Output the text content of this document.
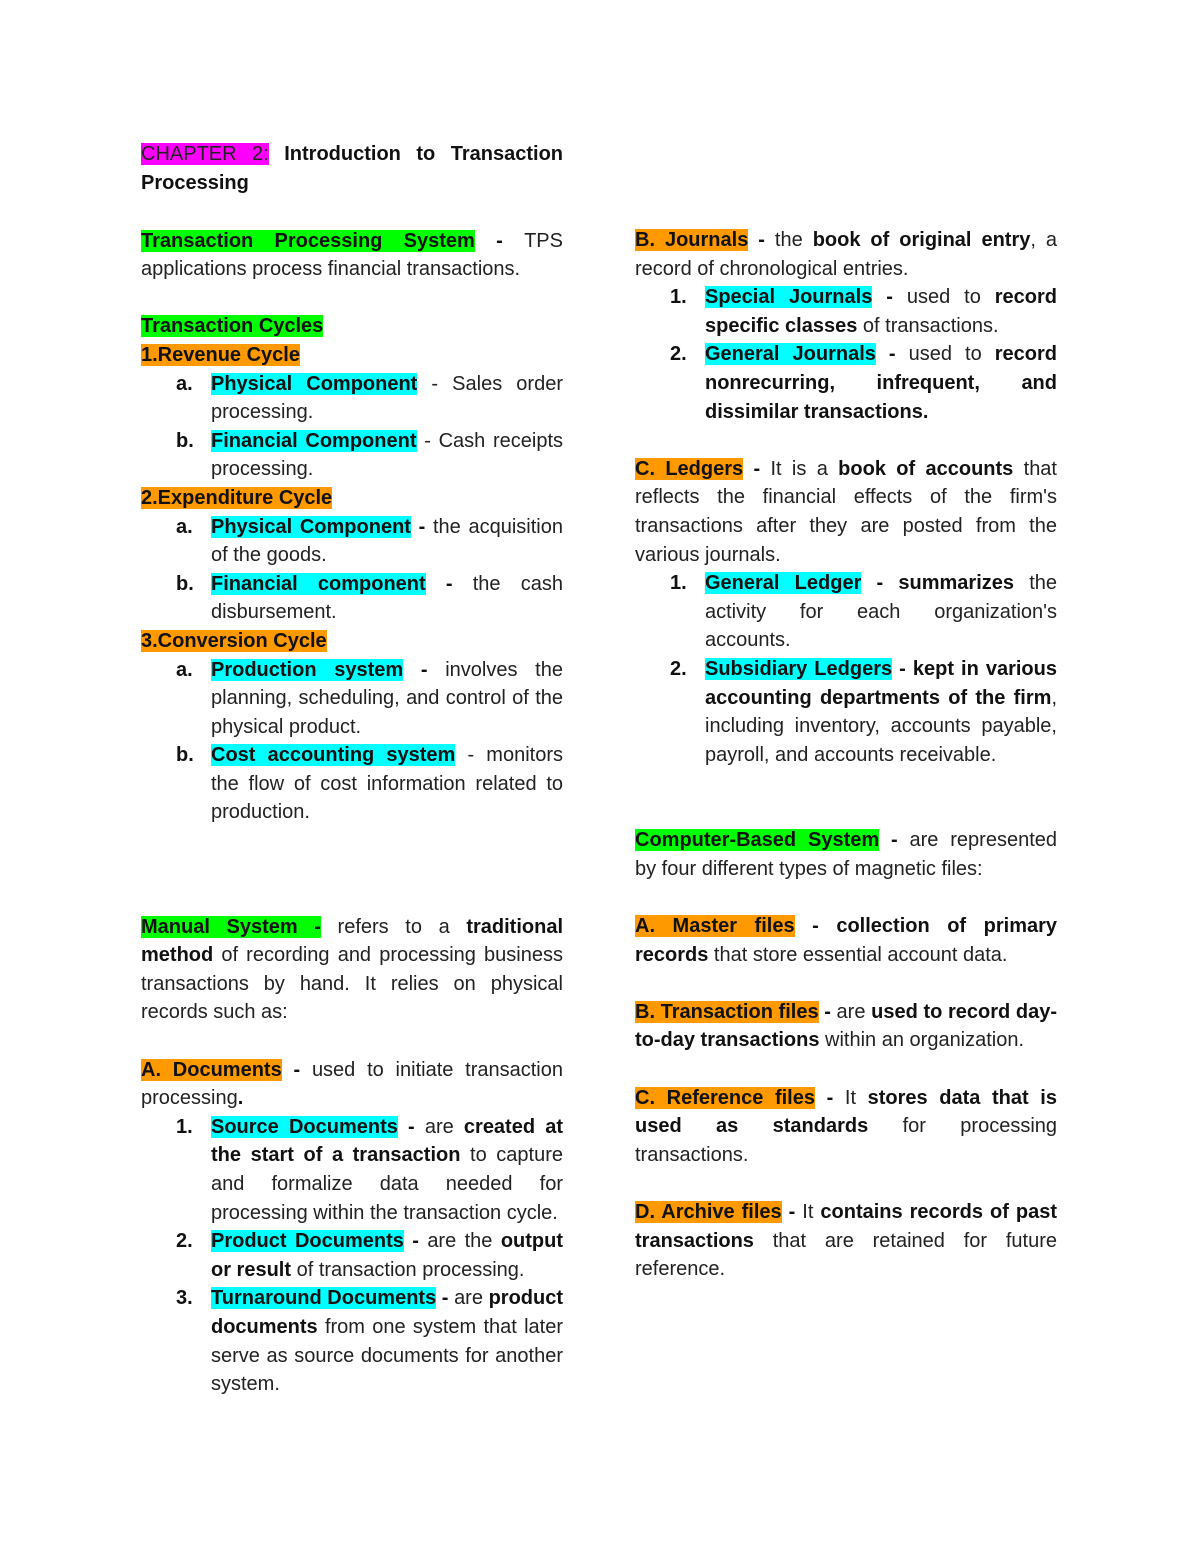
CHAPTER 2: Introduction to Transaction Processing

Transaction Processing System - TPS applications process financial transactions.

Transaction Cycles

1.Revenue Cycle

a. Physical Component - Sales order processing.
b. Financial Component - Cash receipts processing.

2.Expenditure Cycle

a. Physical Component - the acquisition of the goods.
b. Financial component - the cash disbursement.

3.Conversion Cycle

a. Production system - involves the planning, scheduling, and control of the physical product.
b. Cost accounting system - monitors the flow of cost information related to production.

Manual System - refers to a traditional method of recording and processing business transactions by hand. It relies on physical records such as:

A. Documents - used to initiate transaction processing.

1. Source Documents - are created at the start of a transaction to capture and formalize data needed for processing within the transaction cycle.
2. Product Documents - are the output or result of transaction processing.
3. Turnaround Documents - are product documents from one system that later serve as source documents for another system.

B. Journals - the book of original entry, a record of chronological entries.

1. Special Journals - used to record specific classes of transactions.
2. General Journals - used to record nonrecurring, infrequent, and dissimilar transactions.

C. Ledgers - It is a book of accounts that reflects the financial effects of the firm's transactions after they are posted from the various journals.

1. General Ledger - summarizes the activity for each organization's accounts.
2. Subsidiary Ledgers - kept in various accounting departments of the firm, including inventory, accounts payable, payroll, and accounts receivable.

Computer-Based System - are represented by four different types of magnetic files:

A. Master files - collection of primary records that store essential account data.

B. Transaction files - are used to record day-to-day transactions within an organization.

C. Reference files - It stores data that is used as standards for processing transactions.

D. Archive files - It contains records of past transactions that are retained for future reference.
